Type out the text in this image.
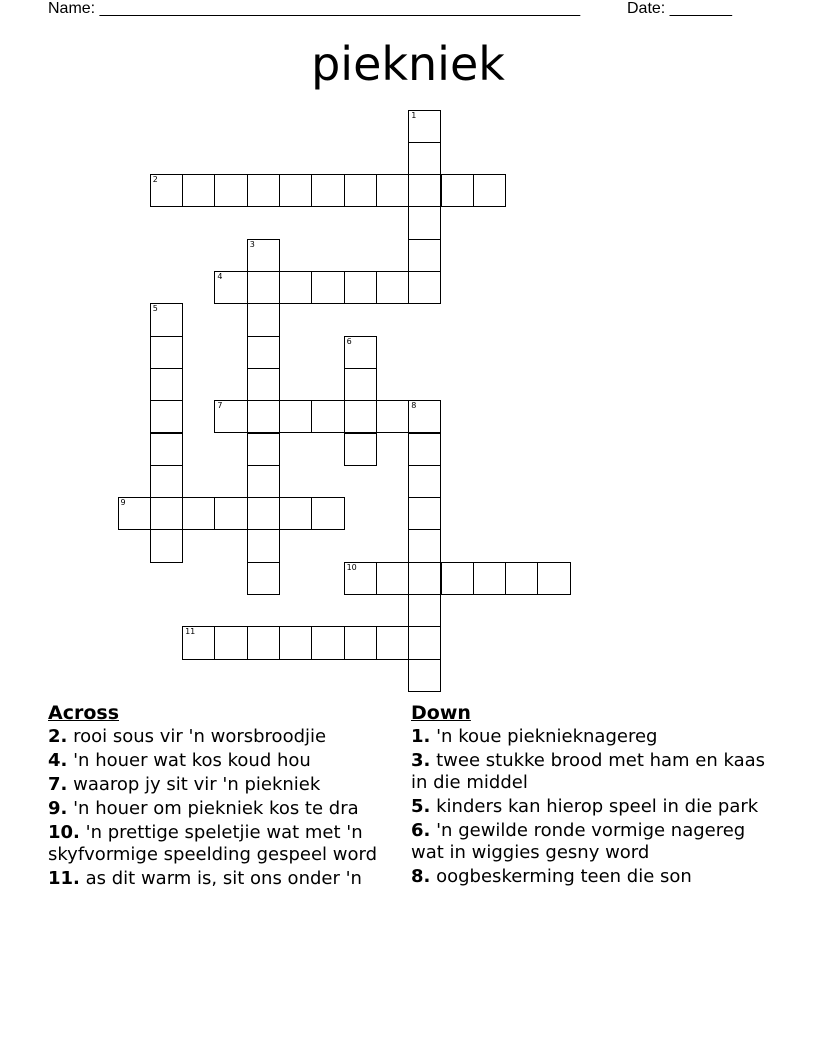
Name: ______________________________________________________	Date: _______
piekniek
1
2
3
4
5
6
7	8
9
10
11
Across
2. rooi sous vir 'n worsbroodjie
4. 'n houer wat kos koud hou
7. waarop jy sit vir 'n piekniek
9. 'n houer om piekniek kos te dra
10. 'n prettige speletjie wat met 'n skyfvormige speelding gespeel word
11. as dit warm is, sit ons onder 'n
Down
1. 'n koue pieknieknagereg
3. twee stukke brood met ham en kaas in die middel
5. kinders kan hierop speel in die park
6. 'n gewilde ronde vormige nagereg wat in wiggies gesny word
8. oogbeskerming teen die son
